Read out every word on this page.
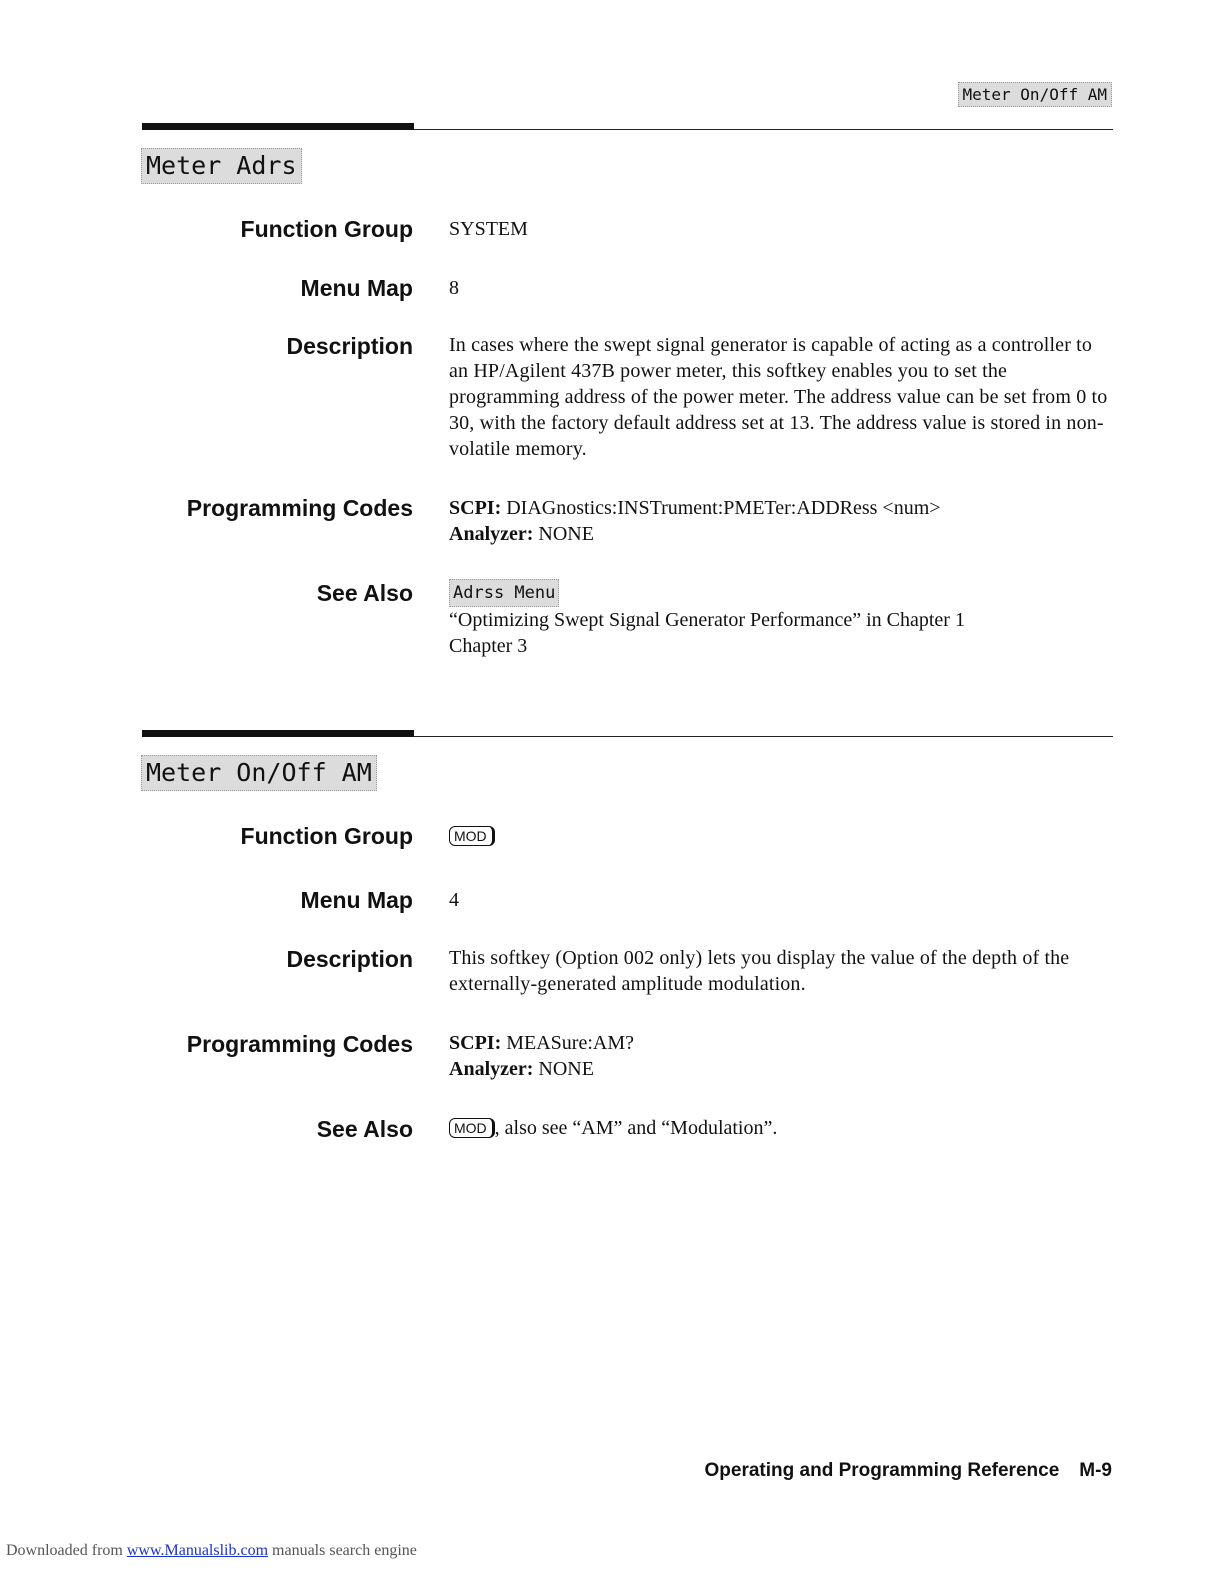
Meter On/Off AM
Meter Adrs
Function Group SYSTEM
Menu Map 8
Description In cases where the swept signal generator is capable of acting as a controller to an HP/Agilent 437B power meter, this softkey enables you to set the programming address of the power meter. The address value can be set from 0 to 30, with the factory default address set at 13. The address value is stored in non-volatile memory.
Programming Codes SCPI: DIAGnostics:INSTrument:PMETer:ADDRess <num>

Analyzer: NONE

See Also Adrss Menu

“Optimizing Swept Signal Generator Performance” in Chapter 1

Chapter 3

Meter On/Off AM
Function Group	MOD
Menu Map 4
Description This softkey (Option 002 only) lets you display the value of the depth of the externally-generated amplitude modulation.
Programming Codes SCPI: MEASure:AM?

Analyzer: NONE

See Also	MOD , also see “AM” and “Modulation”.
Operating and Programming Reference M-9
Downloaded from www.Manualslib.com manuals search engine
